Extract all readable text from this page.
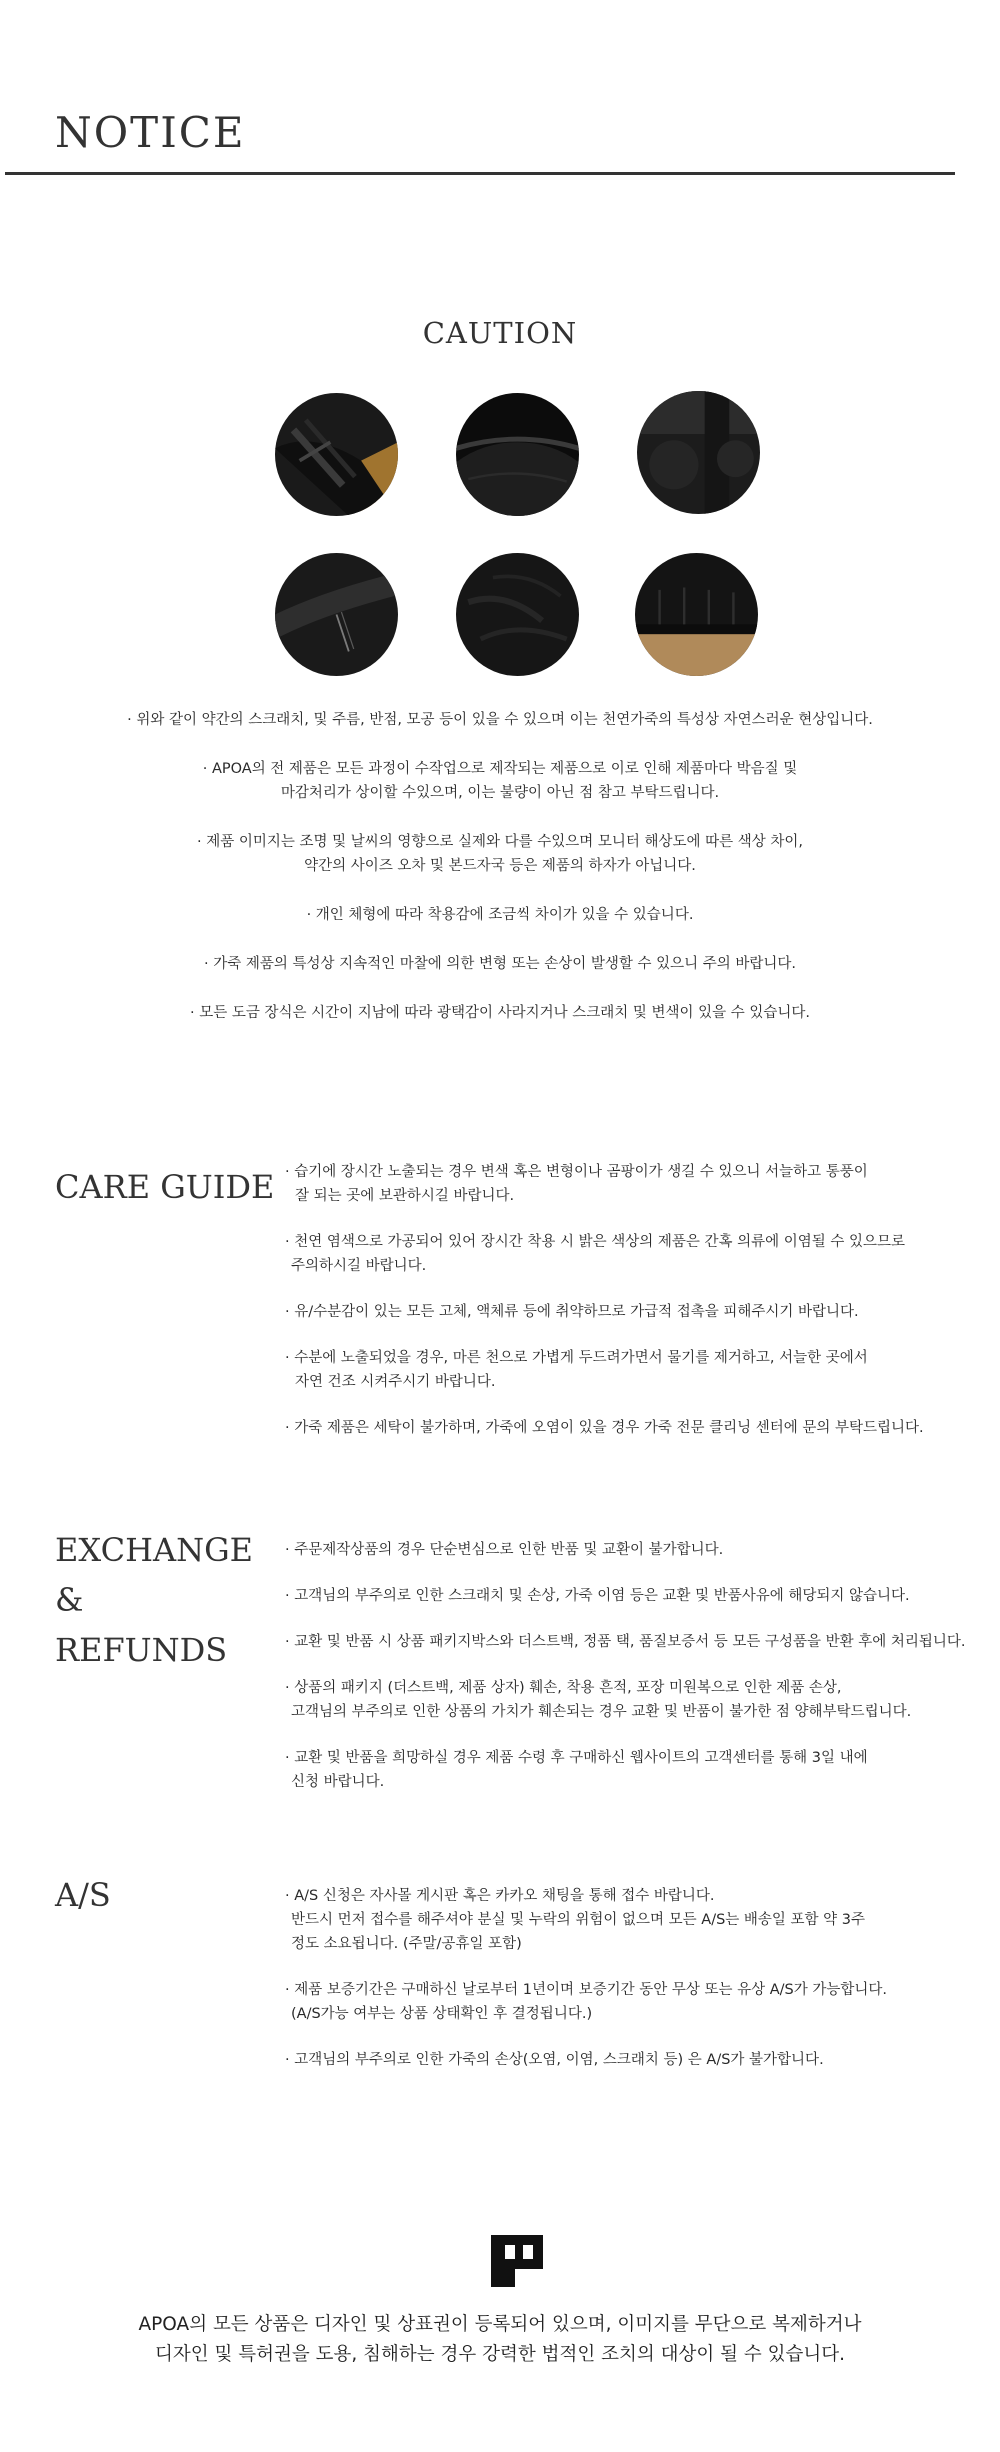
NOTICE
CAUTION

· 위와 같이 약간의 스크래치, 및 주름, 반점, 모공 등이 있을 수 있으며 이는 천연가죽의 특성상 자연스러운 현상입니다.

· APOA의 전 제품은 모든 과정이 수작업으로 제작되는 제품으로 이로 인해 제품마다 박음질 및
마감처리가 상이할 수있으며, 이는 불량이 아닌 점 참고 부탁드립니다.

· 제품 이미지는 조명 및 날씨의 영향으로 실제와 다를 수있으며 모니터 해상도에 따른 색상 차이,
약간의 사이즈 오차 및 본드자국 등은 제품의 하자가 아닙니다.

· 개인 체형에 따라 착용감에 조금씩 차이가 있을 수 있습니다.

· 가죽 제품의 특성상 지속적인 마찰에 의한 변형 또는 손상이 발생할 수 있으니 주의 바랍니다.

· 모든 도금 장식은 시간이 지남에 따라 광택감이 사라지거나 스크래치 및 변색이 있을 수 있습니다.

CARE GUIDE · 습기에 장시간 노출되는 경우 변색 혹은 변형이나 곰팡이가 생길 수 있으니 서늘하고 통풍이
잘 되는 곳에 보관하시길 바랍니다.

· 천연 염색으로 가공되어 있어 장시간 착용 시 밝은 색상의 제품은 간혹 의류에 이염될 수 있으므로
주의하시길 바랍니다.

· 유/수분감이 있는 모든 고체, 액체류 등에 취약하므로 가급적 접촉을 피해주시기 바랍니다.

· 수분에 노출되었을 경우, 마른 천으로 가볍게 두드려가면서 물기를 제거하고, 서늘한 곳에서
자연 건조 시켜주시기 바랍니다.

· 가죽 제품은 세탁이 불가하며, 가죽에 오염이 있을 경우 가죽 전문 클리닝 센터에 문의 부탁드립니다.

EXCHANGE
&
REFUNDS

· 주문제작상품의 경우 단순변심으로 인한 반품 및 교환이 불가합니다.

· 고객님의 부주의로 인한 스크래치 및 손상, 가죽 이염 등은 교환 및 반품사유에 해당되지 않습니다.

· 교환 및 반품 시 상품 패키지박스와 더스트백, 정품 택, 품질보증서 등 모든 구성품을 반환 후에 처리됩니다.

· 상품의 패키지 (더스트백, 제품 상자) 훼손, 착용 흔적, 포장 미원복으로 인한 제품 손상,
고객님의 부주의로 인한 상품의 가치가 훼손되는 경우 교환 및 반품이 불가한 점 양해부탁드립니다.

· 교환 및 반품을 희망하실 경우 제품 수령 후 구매하신 웹사이트의 고객센터를 통해 3일 내에
신청 바랍니다.

A/S	· A/S 신청은 자사몰 게시판 혹은 카카오 채팅을 통해 접수 바랍니다.
반드시 먼저 접수를 해주셔야 분실 및 누락의 위험이 없으며 모든 A/S는 배송일 포함 약 3주
정도 소요됩니다. (주말/공휴일 포함)

· 제품 보증기간은 구매하신 날로부터 1년이며 보증기간 동안 무상 또는 유상 A/S가 가능합니다.
(A/S가능 여부는 상품 상태확인 후 결정됩니다.)

· 고객님의 부주의로 인한 가죽의 손상(오염, 이염, 스크래치 등) 은 A/S가 불가합니다.

APOA의 모든 상품은 디자인 및 상표권이 등록되어 있으며, 이미지를 무단으로 복제하거나

디자인 및 특허권을 도용, 침해하는 경우 강력한 법적인 조치의 대상이 될 수 있습니다.
